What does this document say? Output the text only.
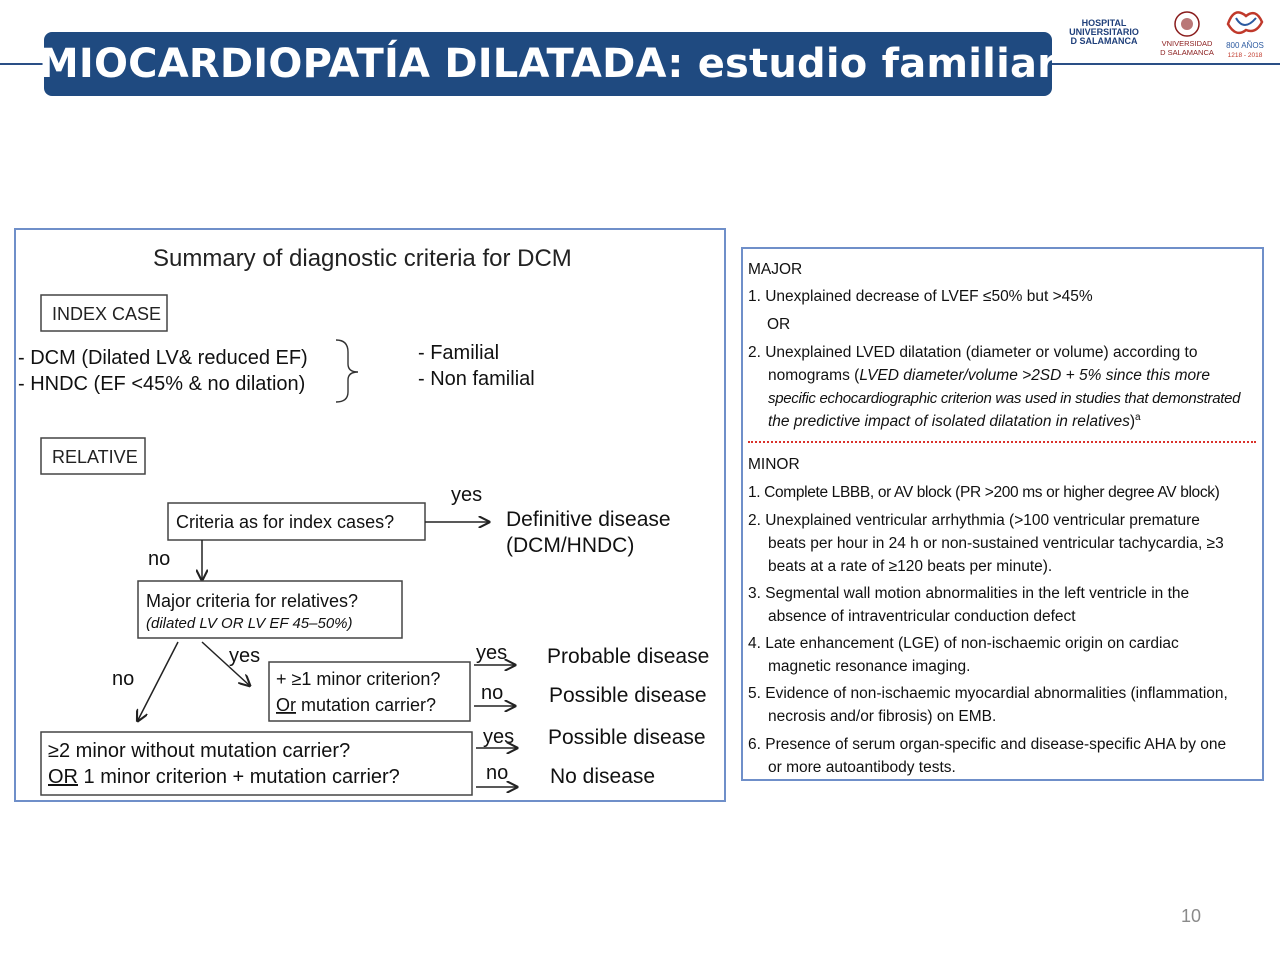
MIOCARDIOPATÍA DILATADA: estudio familiar
HOSPITAL
UNIVERSITARIO
D SALAMANCA	VNIVERSIDAD
D SALAMANCA
800 AÑOS
1218 - 2018
Summary of diagnostic criteria for DCM
INDEX CASE
- DCM (Dilated LV& reduced EF)
- HNDC (EF <45% & no dilation)
- Familial
- Non familial
RELATIVE
Criteria as for index cases?
yes
Definitive disease
(DCM/HNDC)
no
Major criteria for relatives?
(dilated LV OR LV EF 45–50%)
no
yes
+ ≥1 minor criterion?
Or mutation carrier?
yes Probable disease
no Possible disease
≥2 minor without mutation carrier?
OR 1 minor criterion + mutation carrier?
yes Possible disease
no No disease
MAJOR
1. Unexplained decrease of LVEF ≤50% but >45%
OR
2. Unexplained LVED dilatation (diameter or volume) according to
nomograms (LVED diameter/volume >2SD + 5% since this more
specific echocardiographic criterion was used in studies that demonstrated
the predictive impact of isolated dilatation in relatives)$^a$
MINOR
1. Complete LBBB, or AV block (PR >200 ms or higher degree AV block)
2. Unexplained ventricular arrhythmia (>100 ventricular premature
beats per hour in 24 h or non-sustained ventricular tachycardia, ≥3
beats at a rate of ≥120 beats per minute).
3. Segmental wall motion abnormalities in the left ventricle in the
absence of intraventricular conduction defect
4. Late enhancement (LGE) of non-ischaemic origin on cardiac
magnetic resonance imaging.
5. Evidence of non-ischaemic myocardial abnormalities (inflammation,
necrosis and/or fibrosis) on EMB.
6. Presence of serum organ-specific and disease-specific AHA by one
or more autoantibody tests.
10
